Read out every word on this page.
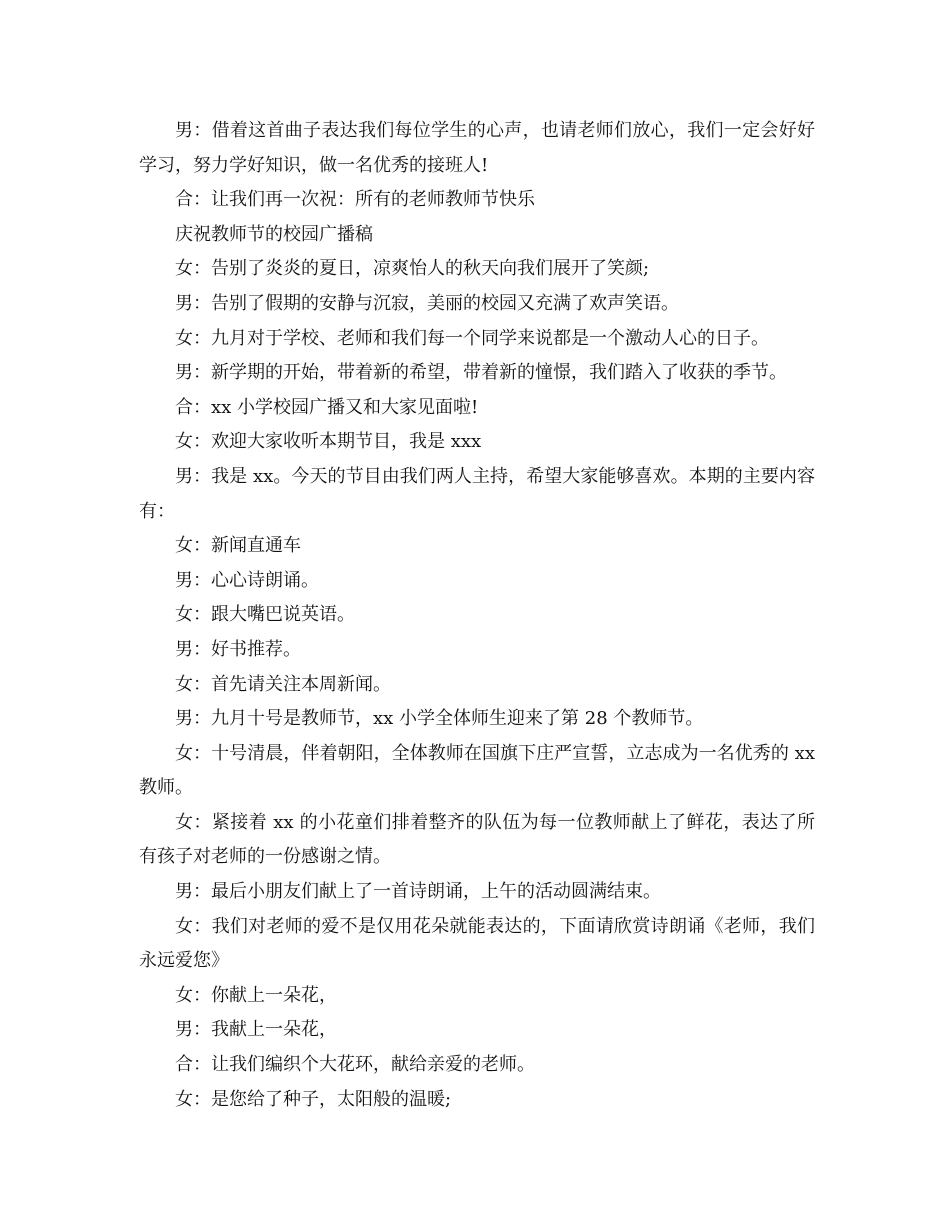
男：借着这首曲子表达我们每位学生的心声，也请老师们放心，我们一定会好好学习，努力学好知识，做一名优秀的接班人!

合：让我们再一次祝：所有的老师教师节快乐

庆祝教师节的校园广播稿

女：告别了炎炎的夏日，凉爽怡人的秋天向我们展开了笑颜;

男：告别了假期的安静与沉寂，美丽的校园又充满了欢声笑语。

女：九月对于学校、老师和我们每一个同学来说都是一个激动人心的日子。

男：新学期的开始，带着新的希望，带着新的憧憬，我们踏入了收获的季节。

合：xx 小学校园广播又和大家见面啦!

女：欢迎大家收听本期节目，我是 xxx

男：我是 xx。今天的节目由我们两人主持，希望大家能够喜欢。本期的主要内容有：

女：新闻直通车

男：心心诗朗诵。

女：跟大嘴巴说英语。

男：好书推荐。

女：首先请关注本周新闻。

男：九月十号是教师节，xx 小学全体师生迎来了第 28 个教师节。

女：十号清晨，伴着朝阳，全体教师在国旗下庄严宣誓，立志成为一名优秀的 xx 教师。

女：紧接着 xx 的小花童们排着整齐的队伍为每一位教师献上了鲜花，表达了所有孩子对老师的一份感谢之情。

男：最后小朋友们献上了一首诗朗诵，上午的活动圆满结束。

女：我们对老师的爱不是仅用花朵就能表达的，下面请欣赏诗朗诵《老师，我们永远爱您》

女：你献上一朵花，

男：我献上一朵花，

合：让我们编织个大花环，献给亲爱的老师。

女：是您给了种子，太阳般的温暖;
